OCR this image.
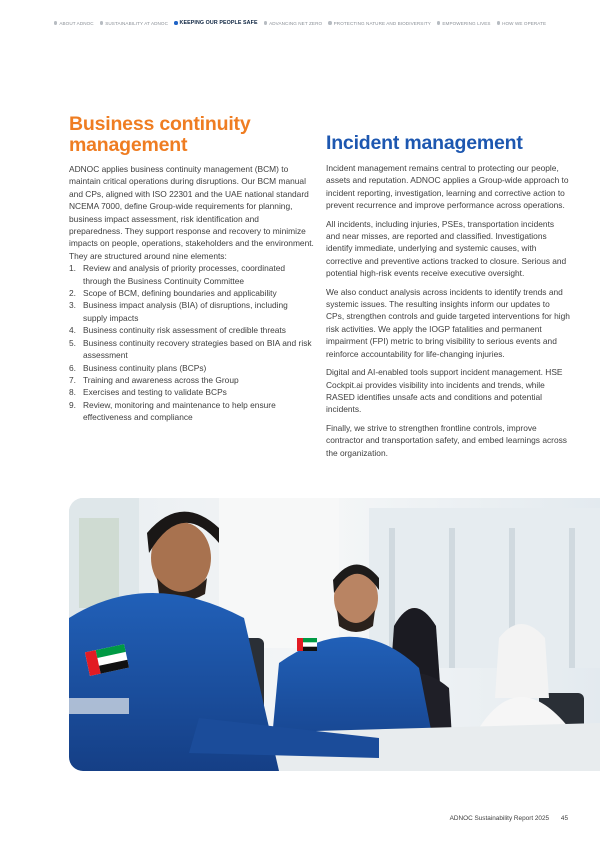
ABOUT ADNOC	SUSTAINABILITY AT ADNOC KEEPING OUR PEOPLE SAFE	ADVANCING NET ZERO	PROTECTING NATURE AND BIODIVERSITY	EMPOWERING LIVES	HOW WE OPERATE
Business continuity
management

ADNOC applies business continuity management (BCM) to maintain critical operations during disruptions. Our BCM manual and CPs, aligned with ISO 22301 and the UAE national standard NCEMA 7000, define Group-wide requirements for planning, business impact assessment, risk identification and preparedness. They support response and recovery to minimize impacts on people, operations, stakeholders and the environment. They are structured around nine elements:

1. Review and analysis of priority processes, coordinated through the Business Continuity Committee
2. Scope of BCM, defining boundaries and applicability
3. Business impact analysis (BIA) of disruptions, including supply impacts
4. Business continuity risk assessment of credible threats
5. Business continuity recovery strategies based on BIA and risk assessment
6. Business continuity plans (BCPs)
7. Training and awareness across the Group
8. Exercises and testing to validate BCPs
9. Review, monitoring and maintenance to help ensure effectiveness and compliance
Incident management

Incident management remains central to protecting our people, assets and reputation. ADNOC applies a Group-wide approach to incident reporting, investigation, learning and corrective action to prevent recurrence and improve performance across operations.

All incidents, including injuries, PSEs, transportation incidents and near misses, are reported and classified. Investigations identify immediate, underlying and systemic causes, with corrective and preventive actions tracked to closure. Serious and potential high-risk events receive executive oversight.

We also conduct analysis across incidents to identify trends and systemic issues. The resulting insights inform our updates to CPs, strengthen controls and guide targeted interventions for high risk activities. We apply the IOGP fatalities and permanent impairment (FPI) metric to bring visibility to serious events and reinforce accountability for life-changing injuries.

Digital and AI-enabled tools support incident management. HSE Cockpit.ai provides visibility into incidents and trends, while RASED identifies unsafe acts and conditions and potential incidents.

Finally, we strive to strengthen frontline controls, improve contractor and transportation safety, and embed learnings across the organization.

ADNOC Sustainability Report 2025 45
